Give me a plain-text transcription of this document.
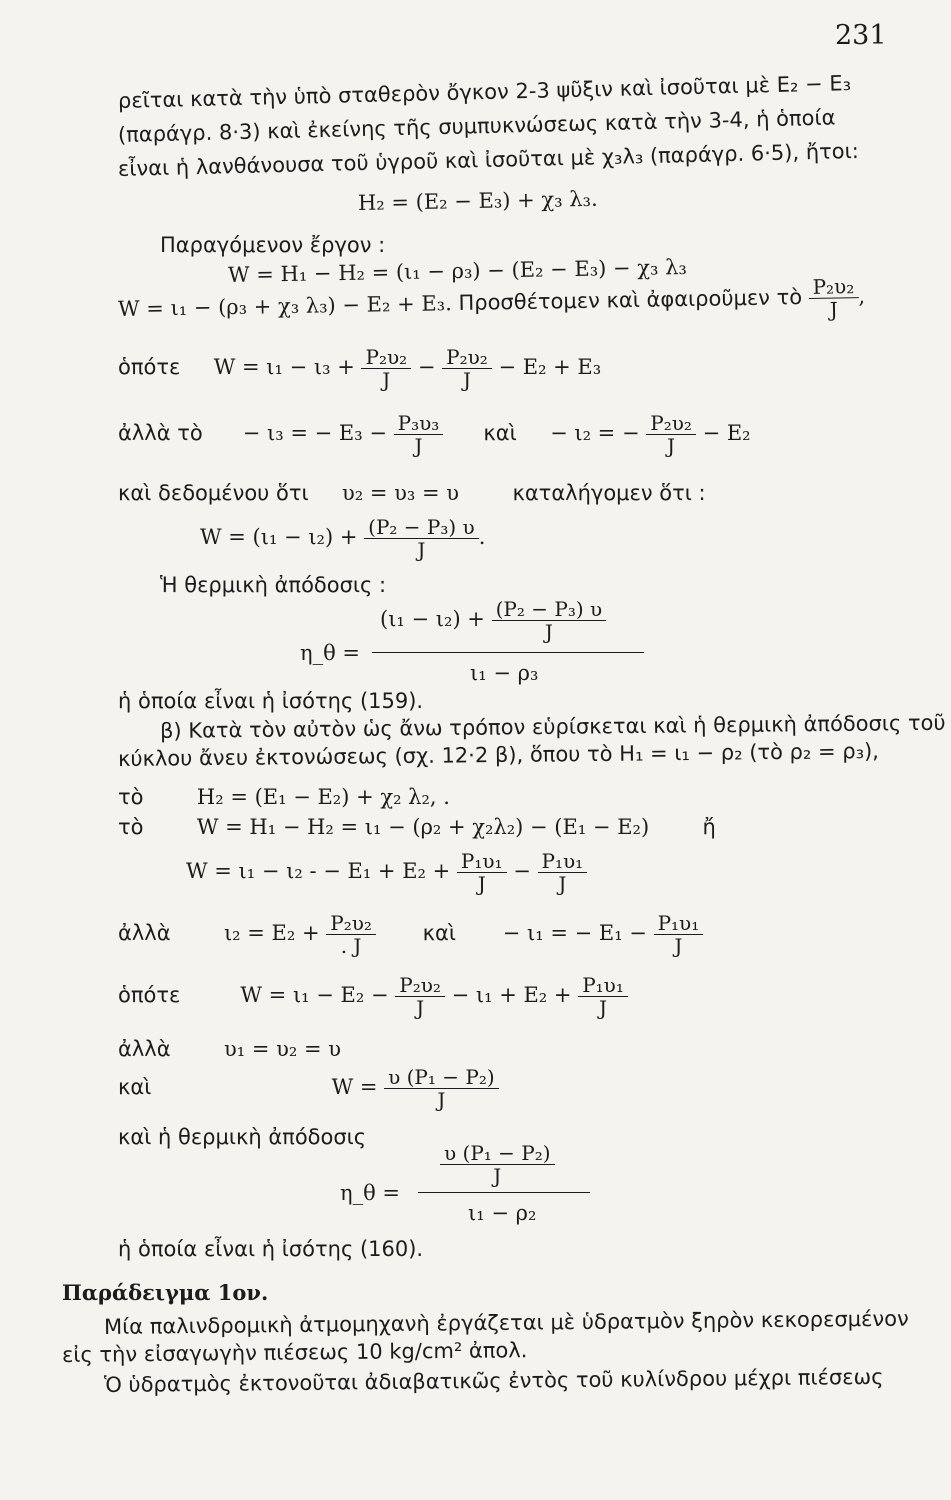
231
ρεῖται κατὰ τὴν ὑπὸ σταθερὸν ὄγκον 2-3 ψῦξιν καὶ ἰσοῦται μὲ E₂ − E₃
(παράγρ. 8·3) καὶ ἐκείνης τῆς συμπυκνώσεως κατὰ τὴν 3-4, ἡ ὁποία
εἶναι ἡ λανθάνουσα τοῦ ὑγροῦ καὶ ἰσοῦται μὲ χ₃λ₃ (παράγρ. 6·5), ἤτοι:
H₂ = (E₂ − E₃) + χ₃ λ₃.
Παραγόμενον ἔργον :
W = H₁ − H₂ = (ι₁ − ρ₃) − (E₂ − E₃) − χ₃ λ₃
W = ι₁ − (ρ₃ + χ₃ λ₃) − E₂ + E₃. Προσθέτομεν καὶ ἀφαιροῦμεν τὸ $\frac{\text{P₂υ₂}}{J}$ ,
ὁπότε $W = \iota_1 - \iota_3 + \frac{\text{P₂υ₂}}{J} - \frac{\text{P₂υ₂}}{J} - E_2 + E_3$
ἀλλὰ τὸ − ι₃ = − $E_3 - \frac{\text{P₃υ₃}}{J}$ καὶ − ι₂ = − $\frac{\text{P₂υ₂}}{J} - E_2$
καὶ δεδομένου ὅτι υ₂ = υ₃ = υ	καταλήγομεν ὅτι :
$W = (\iota_1 - \iota_2) + \frac{\text{(P₂ − P₃) υ}}{J}$ .
Ἡ θερμικὴ ἀπόδοσις :
$(\iota_1 - \iota_2) + \frac{\text{(P₂ − P₃) υ}}{J}$
η_θ =
ι₁ − ρ₃
ἡ ὁποία εἶναι ἡ ἰσότης (159).
β) Κατὰ τὸν αὐτὸν ὡς ἄνω τρόπον εὑρίσκεται καὶ ἡ θερμικὴ ἀπόδοσις τοῦ
κύκλου ἄνευ ἐκτονώσεως (σχ. 12·2 β), ὅπου τὸ H₁ = ι₁ − ρ₂ (τὸ ρ₂ = ρ₃),
τὸ	H₂ = (E₁ − E₂) + χ₂ λ₂, .
τὸ	W = H₁ − H₂ = ι₁ − (ρ₂ + χ₂λ₂) − (E₁ − E₂)	ἤ
W = ι₁ − ι₂ - − $E_1 + E_2 + \frac{\text{P₁υ₁}}{J} - \frac{\text{P₁υ₁}}{J}$
ἀλλὰ	$\iota_2 = E_2 + \frac{\text{P₂υ₂}}{. J}$ καὶ − ι₁ = − $E_1 - \frac{\text{P₁υ₁}}{J}$
ὁπότε	$W = \iota_1 - E_2 - \frac{\text{P₂υ₂}}{J} - \iota_1 + E_2 + \frac{\text{P₁υ₁}}{J}$
ἀλλὰ	υ₁ = υ₂ = υ
καὶ	$W = \frac{\text{υ (P₁ − P₂)}}{J}$
καὶ ἡ θερμικὴ ἀπόδοσις
$\frac{\text{υ (P₁ − P₂)}}{J}$
η_θ =
ι₁ − ρ₂
ἡ ὁποία εἶναι ἡ ἰσότης (160).
Παράδειγμα 1ον.
Μία παλινδρομικὴ ἀτμομηχανὴ ἐργάζεται μὲ ὑδρατμὸν ξηρὸν κεκορεσμένον
εἰς τὴν εἰσαγωγὴν πιέσεως 10 kg/cm² ἀπολ.
Ὁ ὑδρατμὸς ἐκτονοῦται ἀδιαβατικῶς ἐντὸς τοῦ κυλίνδρου μέχρι πιέσεως
